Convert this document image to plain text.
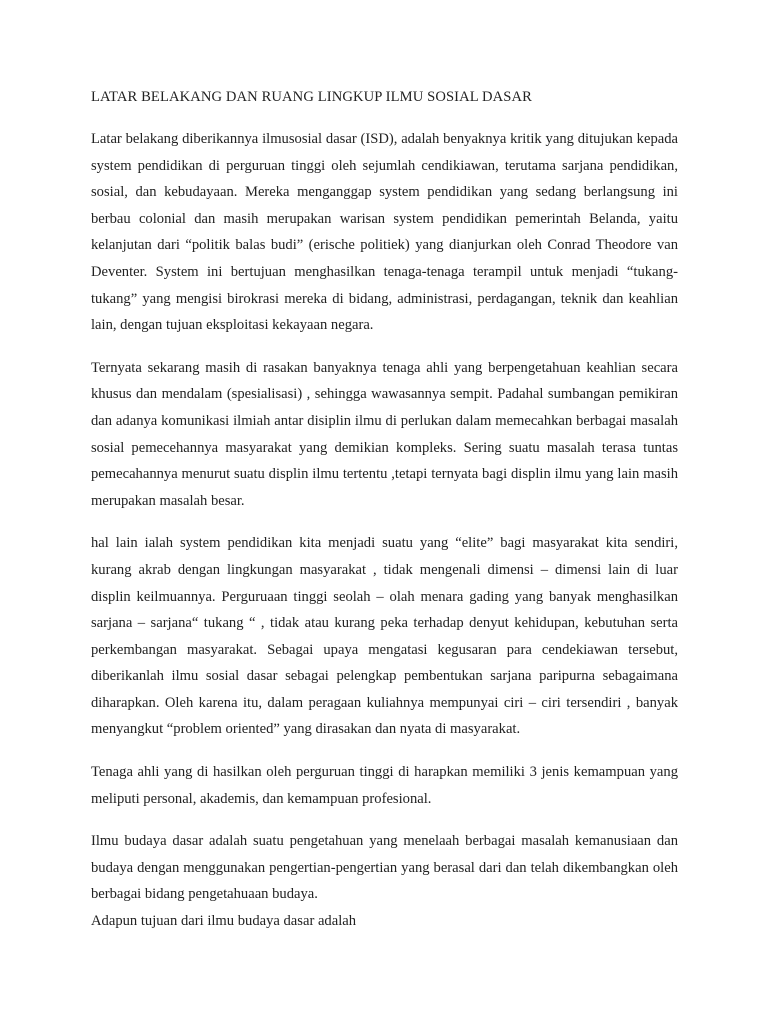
LATAR BELAKANG DAN RUANG LINGKUP ILMU SOSIAL DASAR

Latar belakang diberikannya ilmusosial dasar (ISD), adalah benyaknya kritik yang ditujukan kepada system pendidikan di perguruan tinggi oleh sejumlah cendikiawan, terutama sarjana pendidikan, sosial, dan kebudayaan. Mereka menganggap system pendidikan yang sedang berlangsung ini berbau colonial dan masih merupakan warisan system pendidikan pemerintah Belanda, yaitu kelanjutan dari “politik balas budi” (erische politiek) yang dianjurkan oleh Conrad Theodore van Deventer. System ini bertujuan menghasilkan tenaga-tenaga terampil untuk menjadi “tukang-tukang” yang mengisi birokrasi mereka di bidang, administrasi, perdagangan, teknik dan keahlian lain, dengan tujuan eksploitasi kekayaan negara.

Ternyata sekarang masih di rasakan banyaknya tenaga ahli yang berpengetahuan keahlian secara khusus dan mendalam (spesialisasi) , sehingga wawasannya sempit. Padahal sumbangan pemikiran dan adanya komunikasi ilmiah antar disiplin ilmu di perlukan dalam memecahkan berbagai masalah sosial pemecehannya masyarakat yang demikian kompleks. Sering suatu masalah terasa tuntas pemecahannya menurut suatu displin ilmu tertentu ,tetapi ternyata bagi displin ilmu yang lain masih merupakan masalah besar.

hal lain ialah system pendidikan kita menjadi suatu yang “elite” bagi masyarakat kita sendiri, kurang akrab dengan lingkungan masyarakat , tidak mengenali dimensi – dimensi lain di luar displin keilmuannya. Perguruaan tinggi seolah – olah menara gading yang banyak menghasilkan sarjana – sarjana“ tukang “ , tidak atau kurang peka terhadap denyut kehidupan, kebutuhan serta perkembangan masyarakat. Sebagai upaya mengatasi kegusaran para cendekiawan tersebut, diberikanlah ilmu sosial dasar sebagai pelengkap pembentukan sarjana paripurna sebagaimana diharapkan. Oleh karena itu, dalam peragaan kuliahnya mempunyai ciri – ciri tersendiri , banyak menyangkut “problem oriented” yang dirasakan dan nyata di masyarakat.

Tenaga ahli yang di hasilkan oleh perguruan tinggi di harapkan memiliki 3 jenis kemampuan yang meliputi personal, akademis, dan kemampuan profesional.

Ilmu budaya dasar adalah suatu pengetahuan yang menelaah berbagai masalah kemanusiaan dan budaya dengan menggunakan pengertian-pengertian yang berasal dari dan telah dikembangkan oleh berbagai bidang pengetahuaan budaya.

Adapun tujuan dari ilmu budaya dasar adalah
